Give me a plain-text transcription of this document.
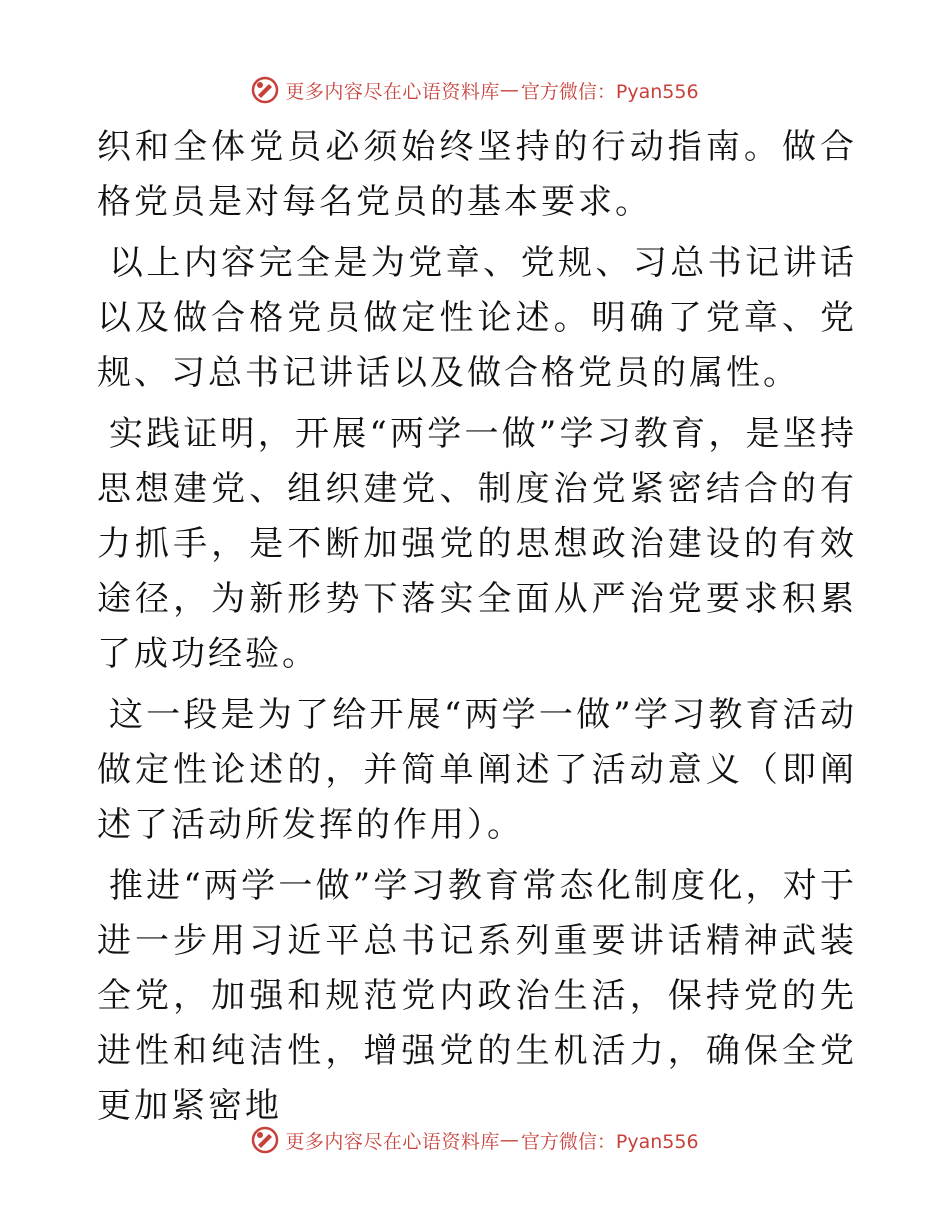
更多内容尽在心语资料库 — 官方微信：Pyan556

织和全体党员必须始终坚持的行动指南。做合格党员是对每名党员的基本要求。

以上内容完全是为党章、党规、习总书记讲话以及做合格党员做定性论述。明确了党章、党规、习总书记讲话以及做合格党员的属性。

实践证明，开展“两学一做”学习教育，是坚持思想建党、组织建党、制度治党紧密结合的有力抓手，是不断加强党的思想政治建设的有效途径，为新形势下落实全面从严治党要求积累了成功经验。

这一段是为了给开展“两学一做”学习教育活动做定性论述的，并简单阐述了活动意义（即阐述了活动所发挥的作用）。

推进“两学一做”学习教育常态化制度化，对于进一步用习近平总书记系列重要讲话精神武装全党，加强和规范党内政治生活，保持党的先进性和纯洁性，增强党的生机活力，确保全党更加紧密地

更多内容尽在心语资料库 — 官方微信：Pyan556
